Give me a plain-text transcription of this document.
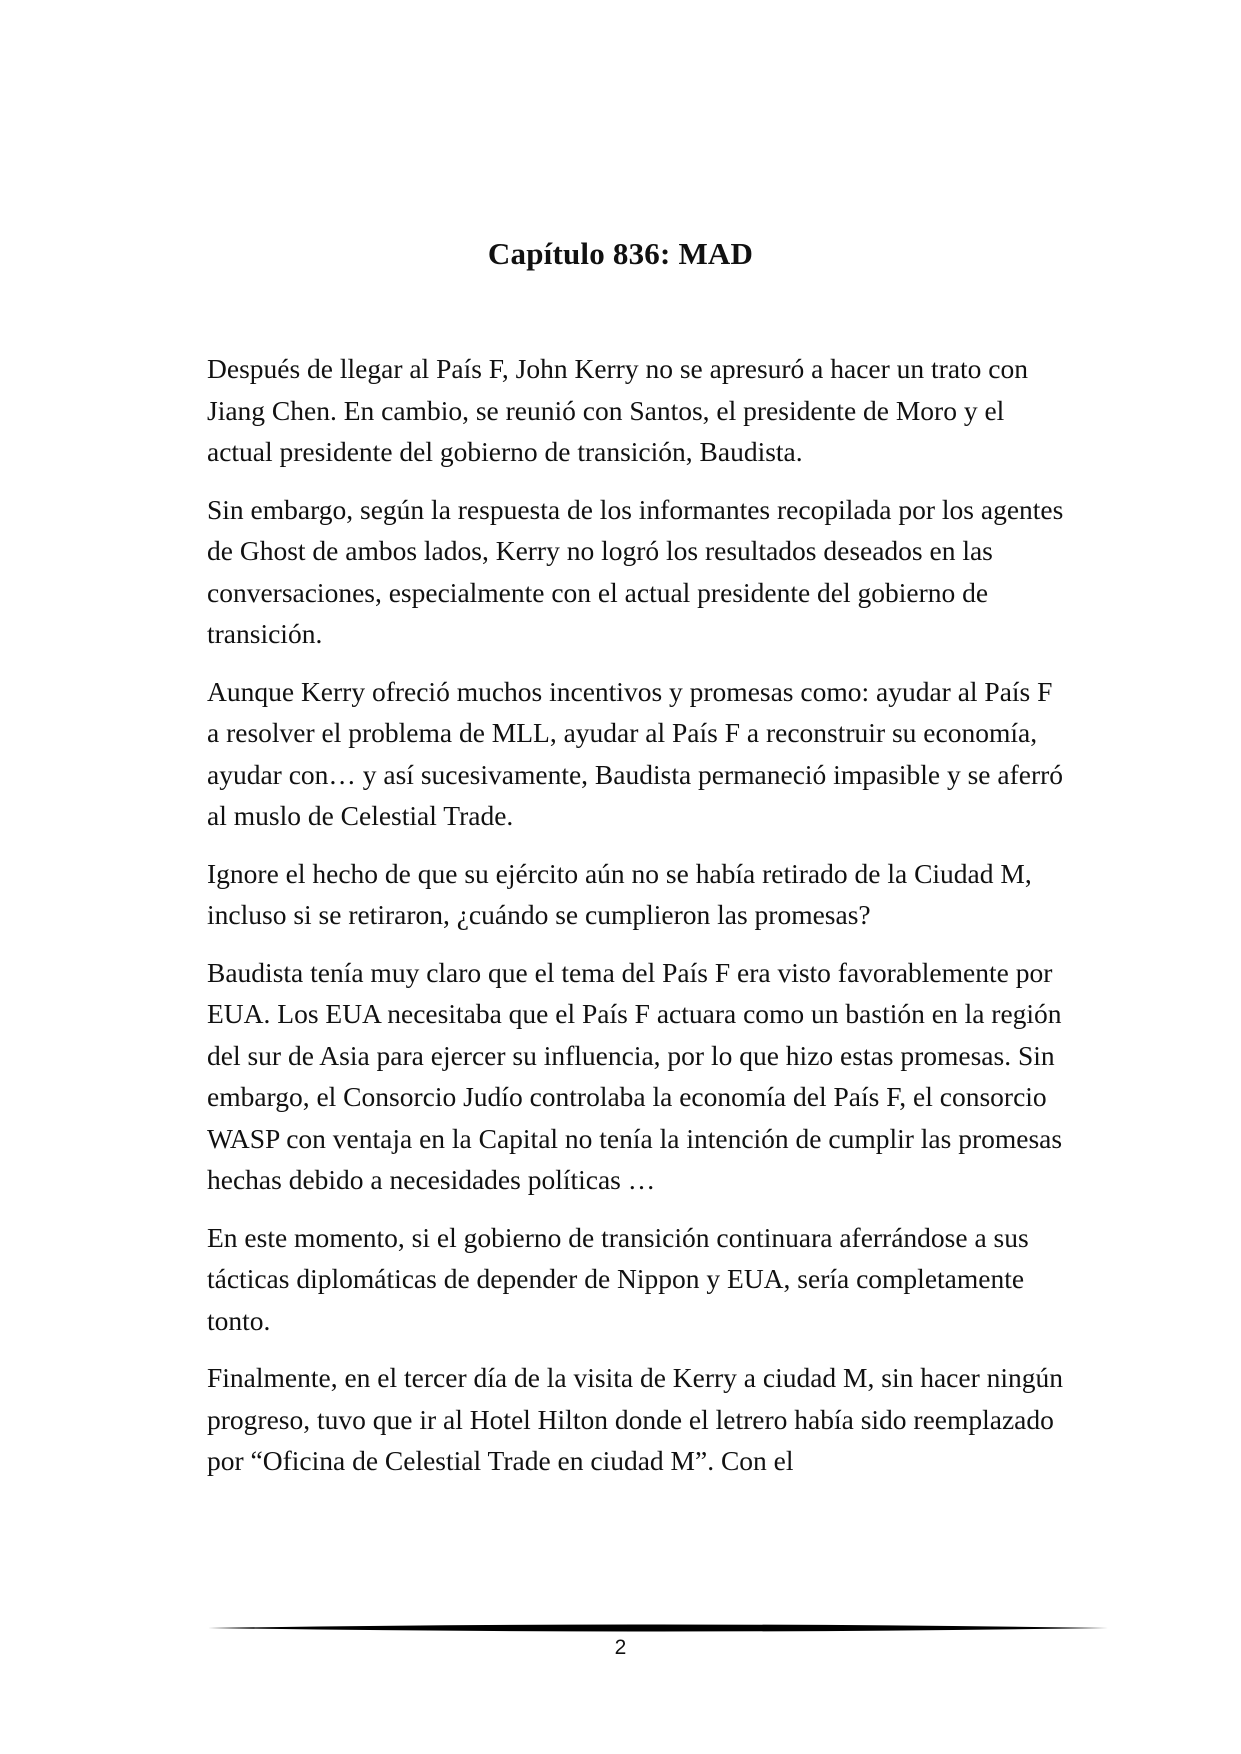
Capítulo 836: MAD

Después de llegar al País F, John Kerry no se apresuró a hacer un trato con Jiang Chen. En cambio, se reunió con Santos, el presidente de Moro y el actual presidente del gobierno de transición, Baudista.

Sin embargo, según la respuesta de los informantes recopilada por los agentes de Ghost de ambos lados, Kerry no logró los resultados deseados en las conversaciones, especialmente con el actual presidente del gobierno de transición.

Aunque Kerry ofreció muchos incentivos y promesas como: ayudar al País F a resolver el problema de MLL, ayudar al País F a reconstruir su economía, ayudar con… y así sucesivamente, Baudista permaneció impasible y se aferró al muslo de Celestial Trade.

Ignore el hecho de que su ejército aún no se había retirado de la Ciudad M, incluso si se retiraron, ¿cuándo se cumplieron las promesas?

Baudista tenía muy claro que el tema del País F era visto favorablemente por EUA. Los EUA necesitaba que el País F actuara como un bastión en la región del sur de Asia para ejercer su influencia, por lo que hizo estas promesas. Sin embargo, el Consorcio Judío controlaba la economía del País F, el consorcio WASP con ventaja en la Capital no tenía la intención de cumplir las promesas hechas debido a necesidades políticas …

En este momento, si el gobierno de transición continuara aferrándose a sus tácticas diplomáticas de depender de Nippon y EUA, sería completamente tonto.

Finalmente, en el tercer día de la visita de Kerry a ciudad M, sin hacer ningún progreso, tuvo que ir al Hotel Hilton donde el letrero había sido reemplazado por “Oficina de Celestial Trade en ciudad M”. Con el

2
